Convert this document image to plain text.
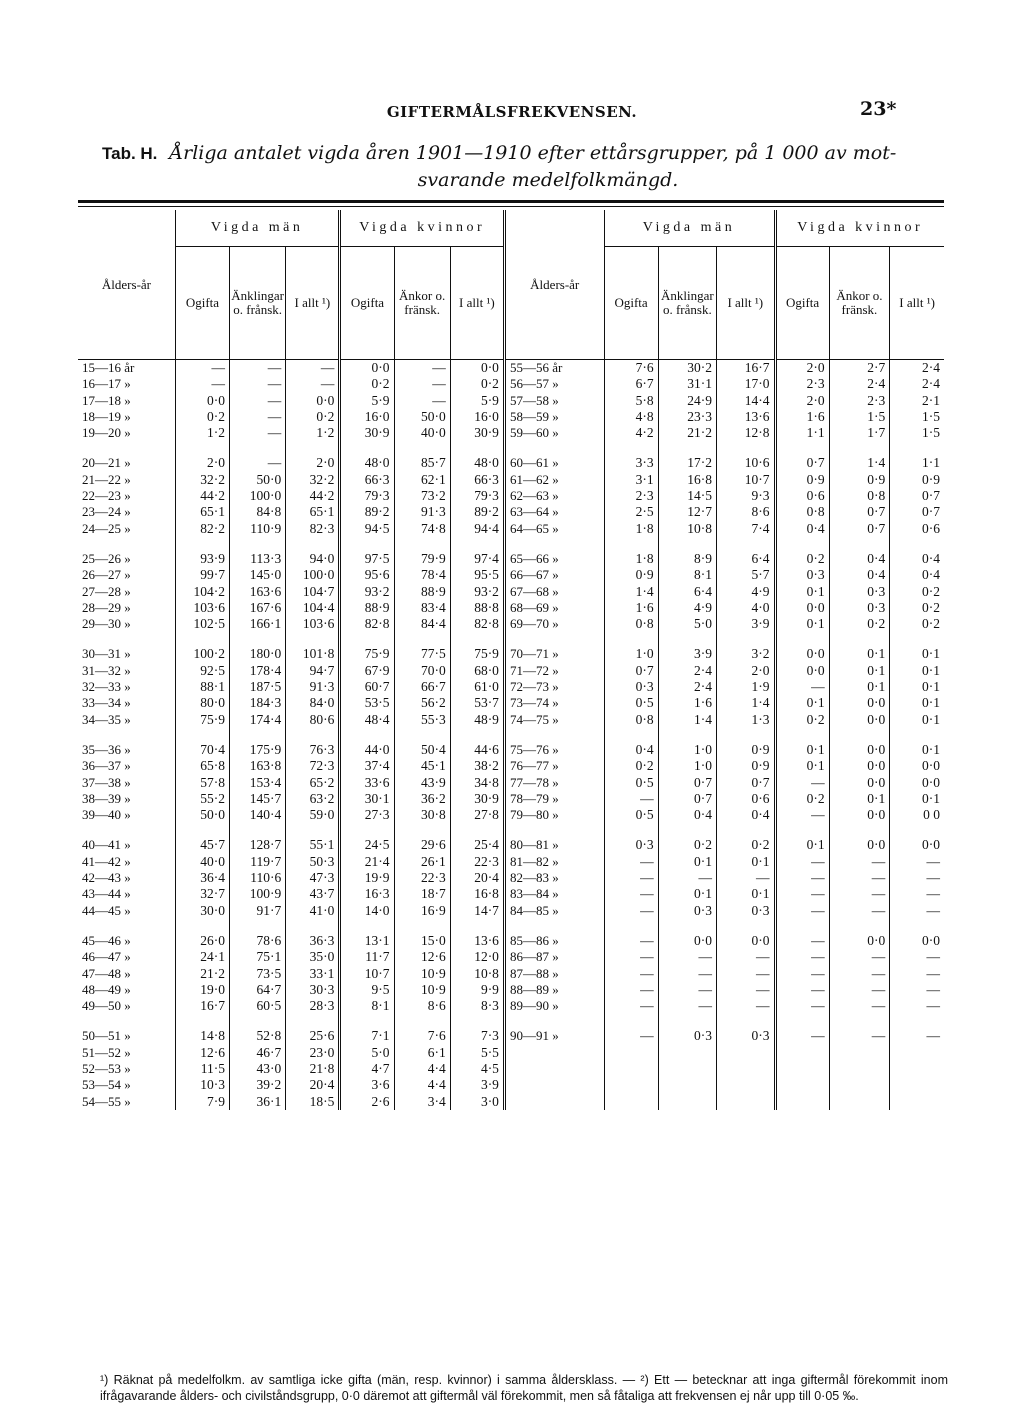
GIFTERMÅLSFREKVENSEN.	23*
Tab. H. Årliga antalet vigda åren 1901—1910 efter ettårsgrupper, på 1 000 av mot-
svarande medelfolkmängd.
Ålders-år	Vigda män			Vigda kvinnor			Ålders-år	Vigda män			Vigda kvinnor		
	Ogifta	Änklingar o. frånsk.	I allt ¹)	Ogifta	Änkor o. fränsk.	I allt ¹)		Ogifta	Änklingar o. frånsk.	I allt ¹)	Ogifta	Änkor o. fränsk.	I allt ¹)
15—16 år	—	—	—	0·0	—	0·0	55—56 år	7·6	30·2	16·7	2·0	2·7	2·4
16—17 »	—	—	—	0·2	—	0·2	56—57 »	6·7	31·1	17·0	2·3	2·4	2·4
17—18 »	0·0	—	0·0	5·9	—	5·9	57—58 »	5·8	24·9	14·4	2·0	2·3	2·1
18—19 »	0·2	—	0·2	16·0	50·0	16·0	58—59 »	4·8	23·3	13·6	1·6	1·5	1·5
19—20 »	1·2	—	1·2	30·9	40·0	30·9	59—60 »	4·2	21·2	12·8	1·1	1·7	1·5

20—21 »	2·0	—	2·0	48·0	85·7	48·0	60—61 »	3·3	17·2	10·6	0·7	1·4	1·1
21—22 »	32·2	50·0	32·2	66·3	62·1	66·3	61—62 »	3·1	16·8	10·7	0·9	0·9	0·9
22—23 »	44·2	100·0	44·2	79·3	73·2	79·3	62—63 »	2·3	14·5	9·3	0·6	0·8	0·7
23—24 »	65·1	84·8	65·1	89·2	91·3	89·2	63—64 »	2·5	12·7	8·6	0·8	0·7	0·7
24—25 »	82·2	110·9	82·3	94·5	74·8	94·4	64—65 »	1·8	10·8	7·4	0·4	0·7	0·6

25—26 »	93·9	113·3	94·0	97·5	79·9	97·4	65—66 »	1·8	8·9	6·4	0·2	0·4	0·4
26—27 »	99·7	145·0	100·0	95·6	78·4	95·5	66—67 »	0·9	8·1	5·7	0·3	0·4	0·4
27—28 »	104·2	163·6	104·7	93·2	88·9	93·2	67—68 »	1·4	6·4	4·9	0·1	0·3	0·2
28—29 »	103·6	167·6	104·4	88·9	83·4	88·8	68—69 »	1·6	4·9	4·0	0·0	0·3	0·2
29—30 »	102·5	166·1	103·6	82·8	84·4	82·8	69—70 »	0·8	5·0	3·9	0·1	0·2	0·2

30—31 »	100·2	180·0	101·8	75·9	77·5	75·9	70—71 »	1·0	3·9	3·2	0·0	0·1	0·1
31—32 »	92·5	178·4	94·7	67·9	70·0	68·0	71—72 »	0·7	2·4	2·0	0·0	0·1	0·1
32—33 »	88·1	187·5	91·3	60·7	66·7	61·0	72—73 »	0·3	2·4	1·9	—	0·1	0·1
33—34 »	80·0	184·3	84·0	53·5	56·2	53·7	73—74 »	0·5	1·6	1·4	0·1	0·0	0·1
34—35 »	75·9	174·4	80·6	48·4	55·3	48·9	74—75 »	0·8	1·4	1·3	0·2	0·0	0·1

35—36 »	70·4	175·9	76·3	44·0	50·4	44·6	75—76 »	0·4	1·0	0·9	0·1	0·0	0·1
36—37 »	65·8	163·8	72·3	37·4	45·1	38·2	76—77 »	0·2	1·0	0·9	0·1	0·0	0·0
37—38 »	57·8	153·4	65·2	33·6	43·9	34·8	77—78 »	0·5	0·7	0·7	—	0·0	0·0
38—39 »	55·2	145·7	63·2	30·1	36·2	30·9	78—79 »	—	0·7	0·6	0·2	0·1	0·1
39—40 »	50·0	140·4	59·0	27·3	30·8	27·8	79—80 »	0·5	0·4	0·4	—	0·0	0 0

40—41 »	45·7	128·7	55·1	24·5	29·6	25·4	80—81 »	0·3	0·2	0·2	0·1	0·0	0·0
41—42 »	40·0	119·7	50·3	21·4	26·1	22·3	81—82 »	—	0·1	0·1	—	—	—
42—43 »	36·4	110·6	47·3	19·9	22·3	20·4	82—83 »	—	—	—	—	—	—
43—44 »	32·7	100·9	43·7	16·3	18·7	16·8	83—84 »	—	0·1	0·1	—	—	—
44—45 »	30·0	91·7	41·0	14·0	16·9	14·7	84—85 »	—	0·3	0·3	—	—	—

45—46 »	26·0	78·6	36·3	13·1	15·0	13·6	85—86 »	—	0·0	0·0	—	0·0	0·0
46—47 »	24·1	75·1	35·0	11·7	12·6	12·0	86—87 »	—	—	—	—	—	—
47—48 »	21·2	73·5	33·1	10·7	10·9	10·8	87—88 »	—	—	—	—	—	—
48—49 »	19·0	64·7	30·3	9·5	10·9	9·9	88—89 »	—	—	—	—	—	—
49—50 »	16·7	60·5	28·3	8·1	8·6	8·3	89—90 »	—	—	—	—	—	—

50—51 »	14·8	52·8	25·6	7·1	7·6	7·3	90—91 »	—	0·3	0·3	—	—	—
51—52 »	12·6	46·7	23·0	5·0	6·1	5·5							
52—53 »	11·5	43·0	21·8	4·7	4·4	4·5							
53—54 »	10·3	39·2	20·4	3·6	4·4	3·9							
54—55 »	7·9	36·1	18·5	2·6	3·4	3·0							
¹) Räknat på medelfolkm. av samtliga icke gifta (män, resp. kvinnor) i samma åldersklass. — ²) Ett — betecknar att inga giftermål förekommit inom ifrågavarande ålders- och civilståndsgrupp, 0·0 däremot att giftermål väl förekommit, men så fåtaliga att frekvensen ej når upp till 0·05 ‰.
